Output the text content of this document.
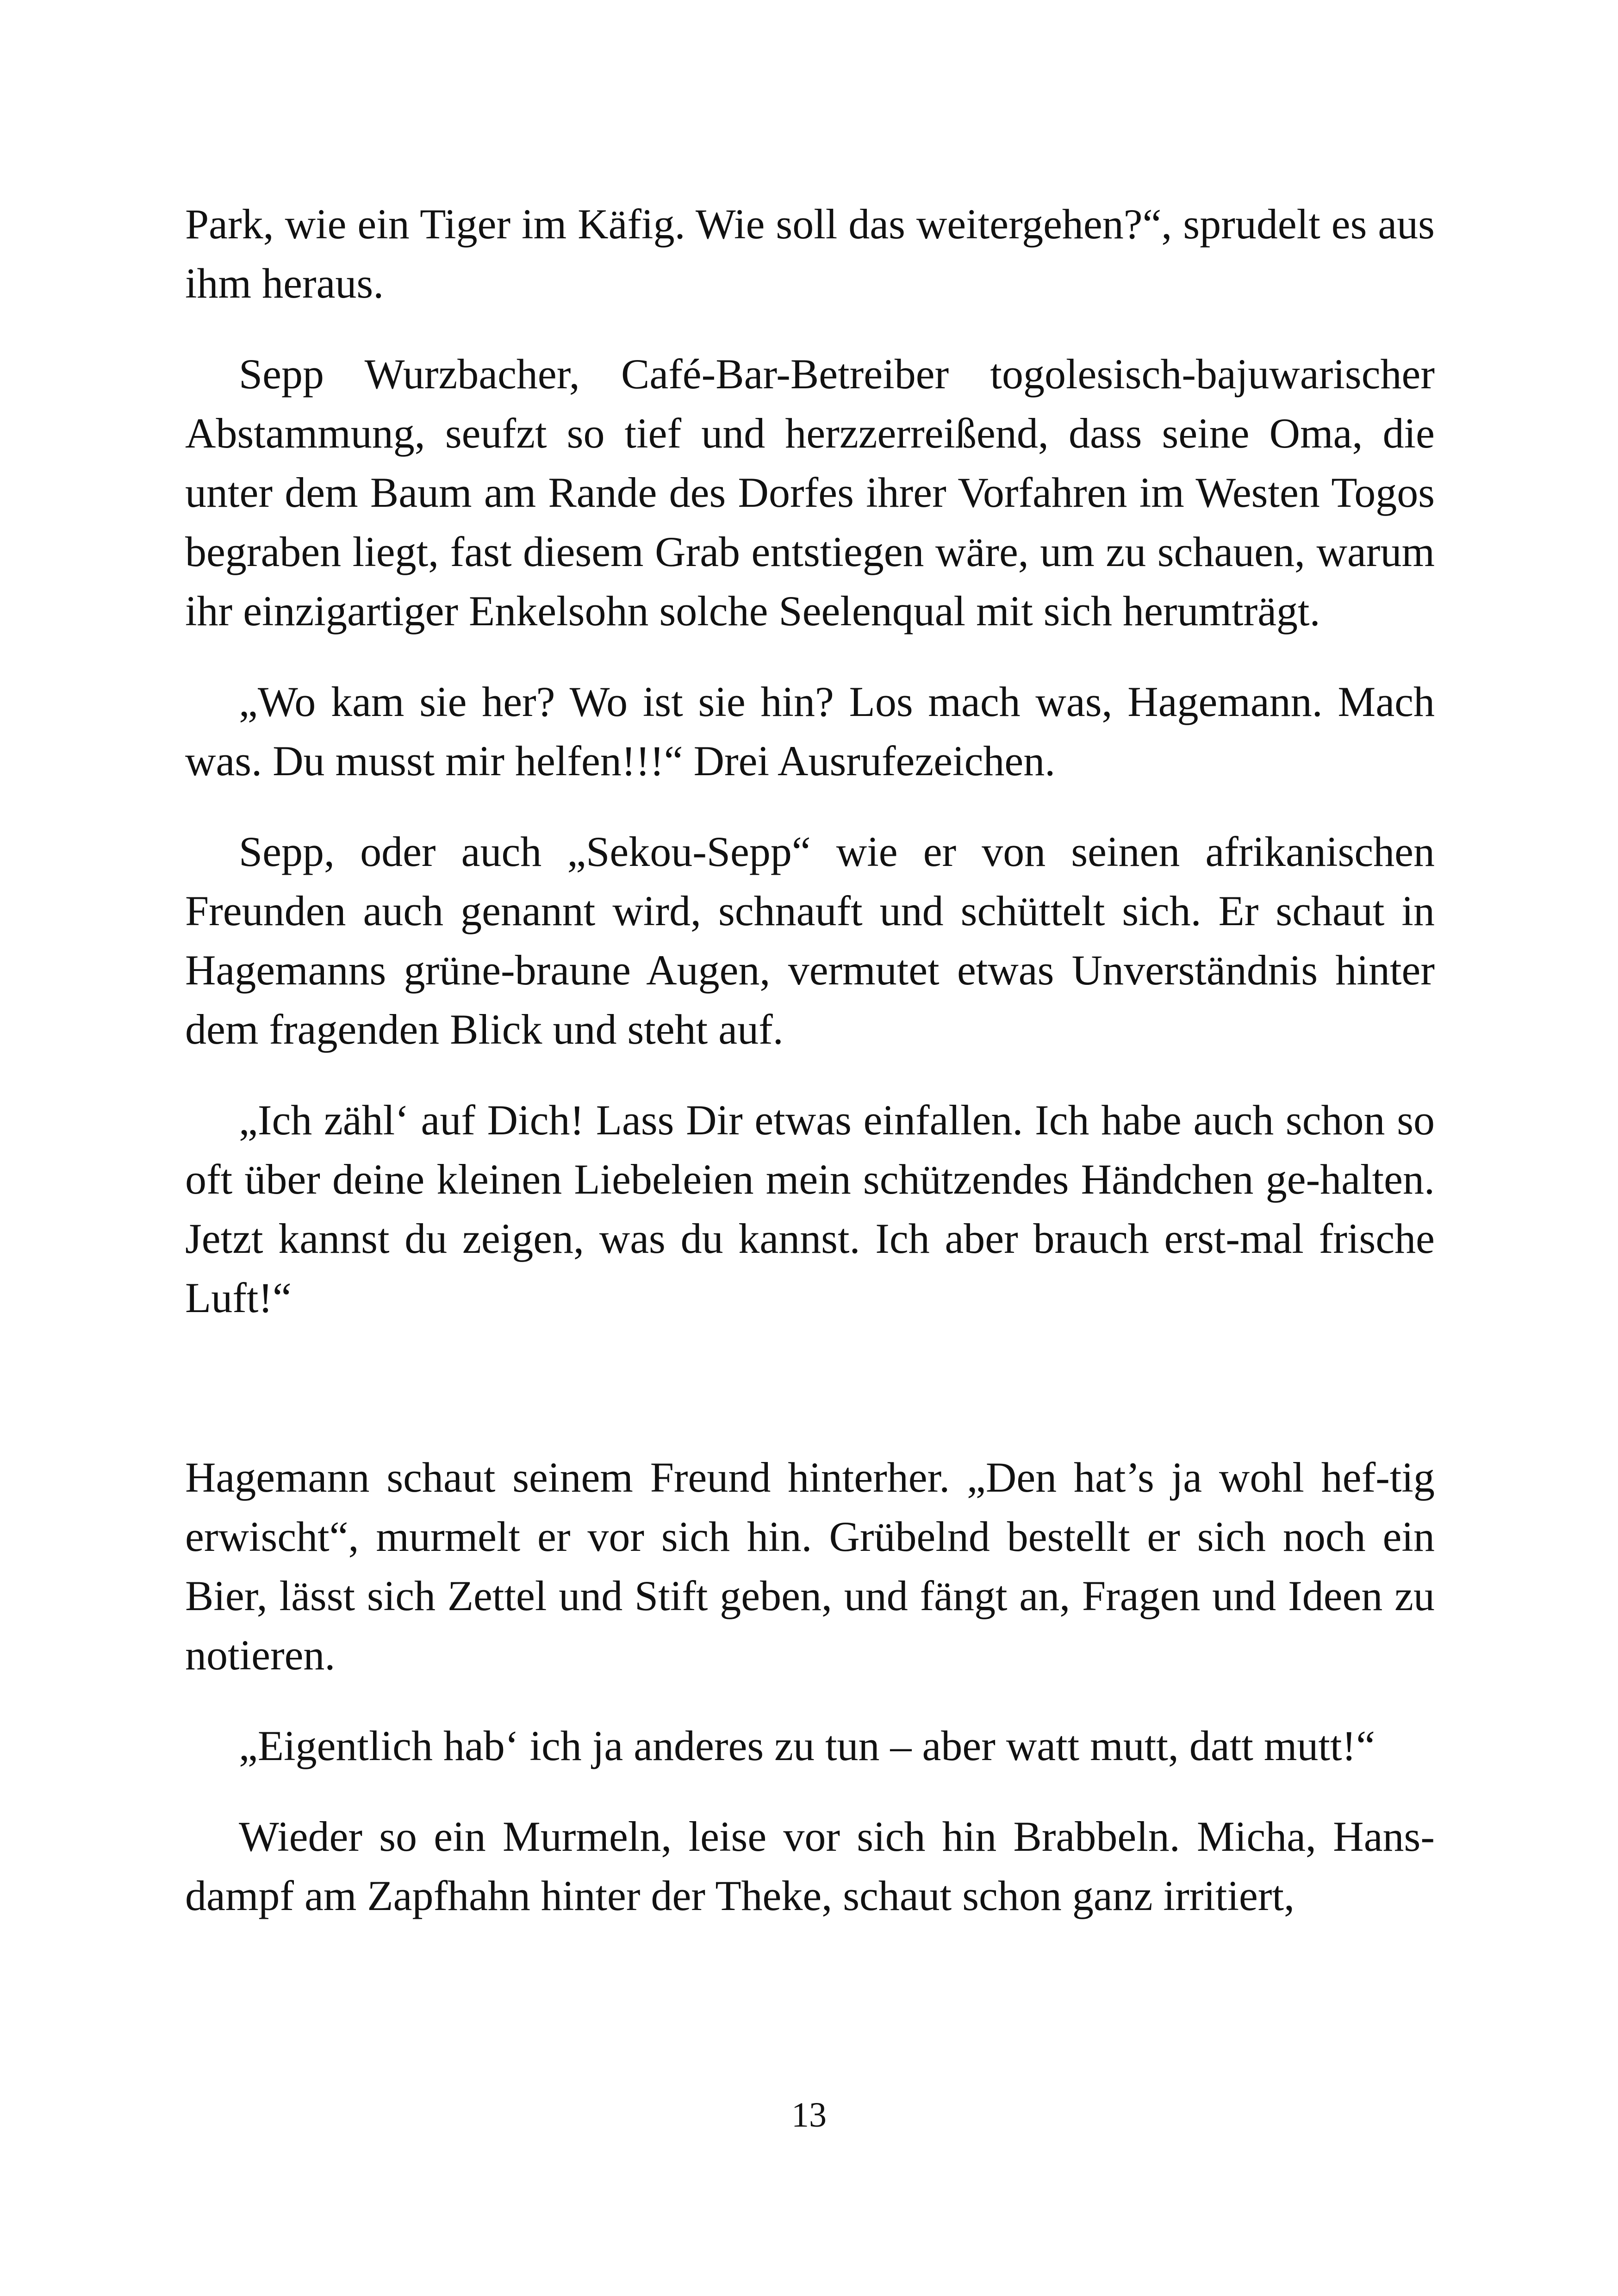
Park, wie ein Tiger im Käfig. Wie soll das weitergehen?“, sprudelt es aus ihm heraus.

Sepp Wurzbacher, Café-Bar-Betreiber togolesisch-bajuwarischer Abstammung, seufzt so tief und herzzerreißend, dass seine Oma, die unter dem Baum am Rande des Dorfes ihrer Vorfahren im Westen Togos begraben liegt, fast diesem Grab entstiegen wäre, um zu schauen, warum ihr einzigartiger Enkelsohn solche Seelenqual mit sich herumträgt.

„Wo kam sie her? Wo ist sie hin? Los mach was, Hagemann. Mach was. Du musst mir helfen!!!“ Drei Ausrufezeichen.

Sepp, oder auch „Sekou-Sepp“ wie er von seinen afrikanischen Freunden auch genannt wird, schnauft und schüttelt sich. Er schaut in Hagemanns grüne-braune Augen, vermutet etwas Unverständnis hinter dem fragenden Blick und steht auf.

„Ich zähl‘ auf Dich! Lass Dir etwas einfallen. Ich habe auch schon so oft über deine kleinen Liebeleien mein schützendes Händchen ge-halten. Jetzt kannst du zeigen, was du kannst. Ich aber brauch erst-mal frische Luft!“

Hagemann schaut seinem Freund hinterher. „Den hat’s ja wohl hef-tig erwischt“, murmelt er vor sich hin. Grübelnd bestellt er sich noch ein Bier, lässt sich Zettel und Stift geben, und fängt an, Fragen und Ideen zu notieren.

„Eigentlich hab‘ ich ja anderes zu tun – aber watt mutt, datt mutt!“

Wieder so ein Murmeln, leise vor sich hin Brabbeln. Micha, Hans-dampf am Zapfhahn hinter der Theke, schaut schon ganz irritiert,

13
